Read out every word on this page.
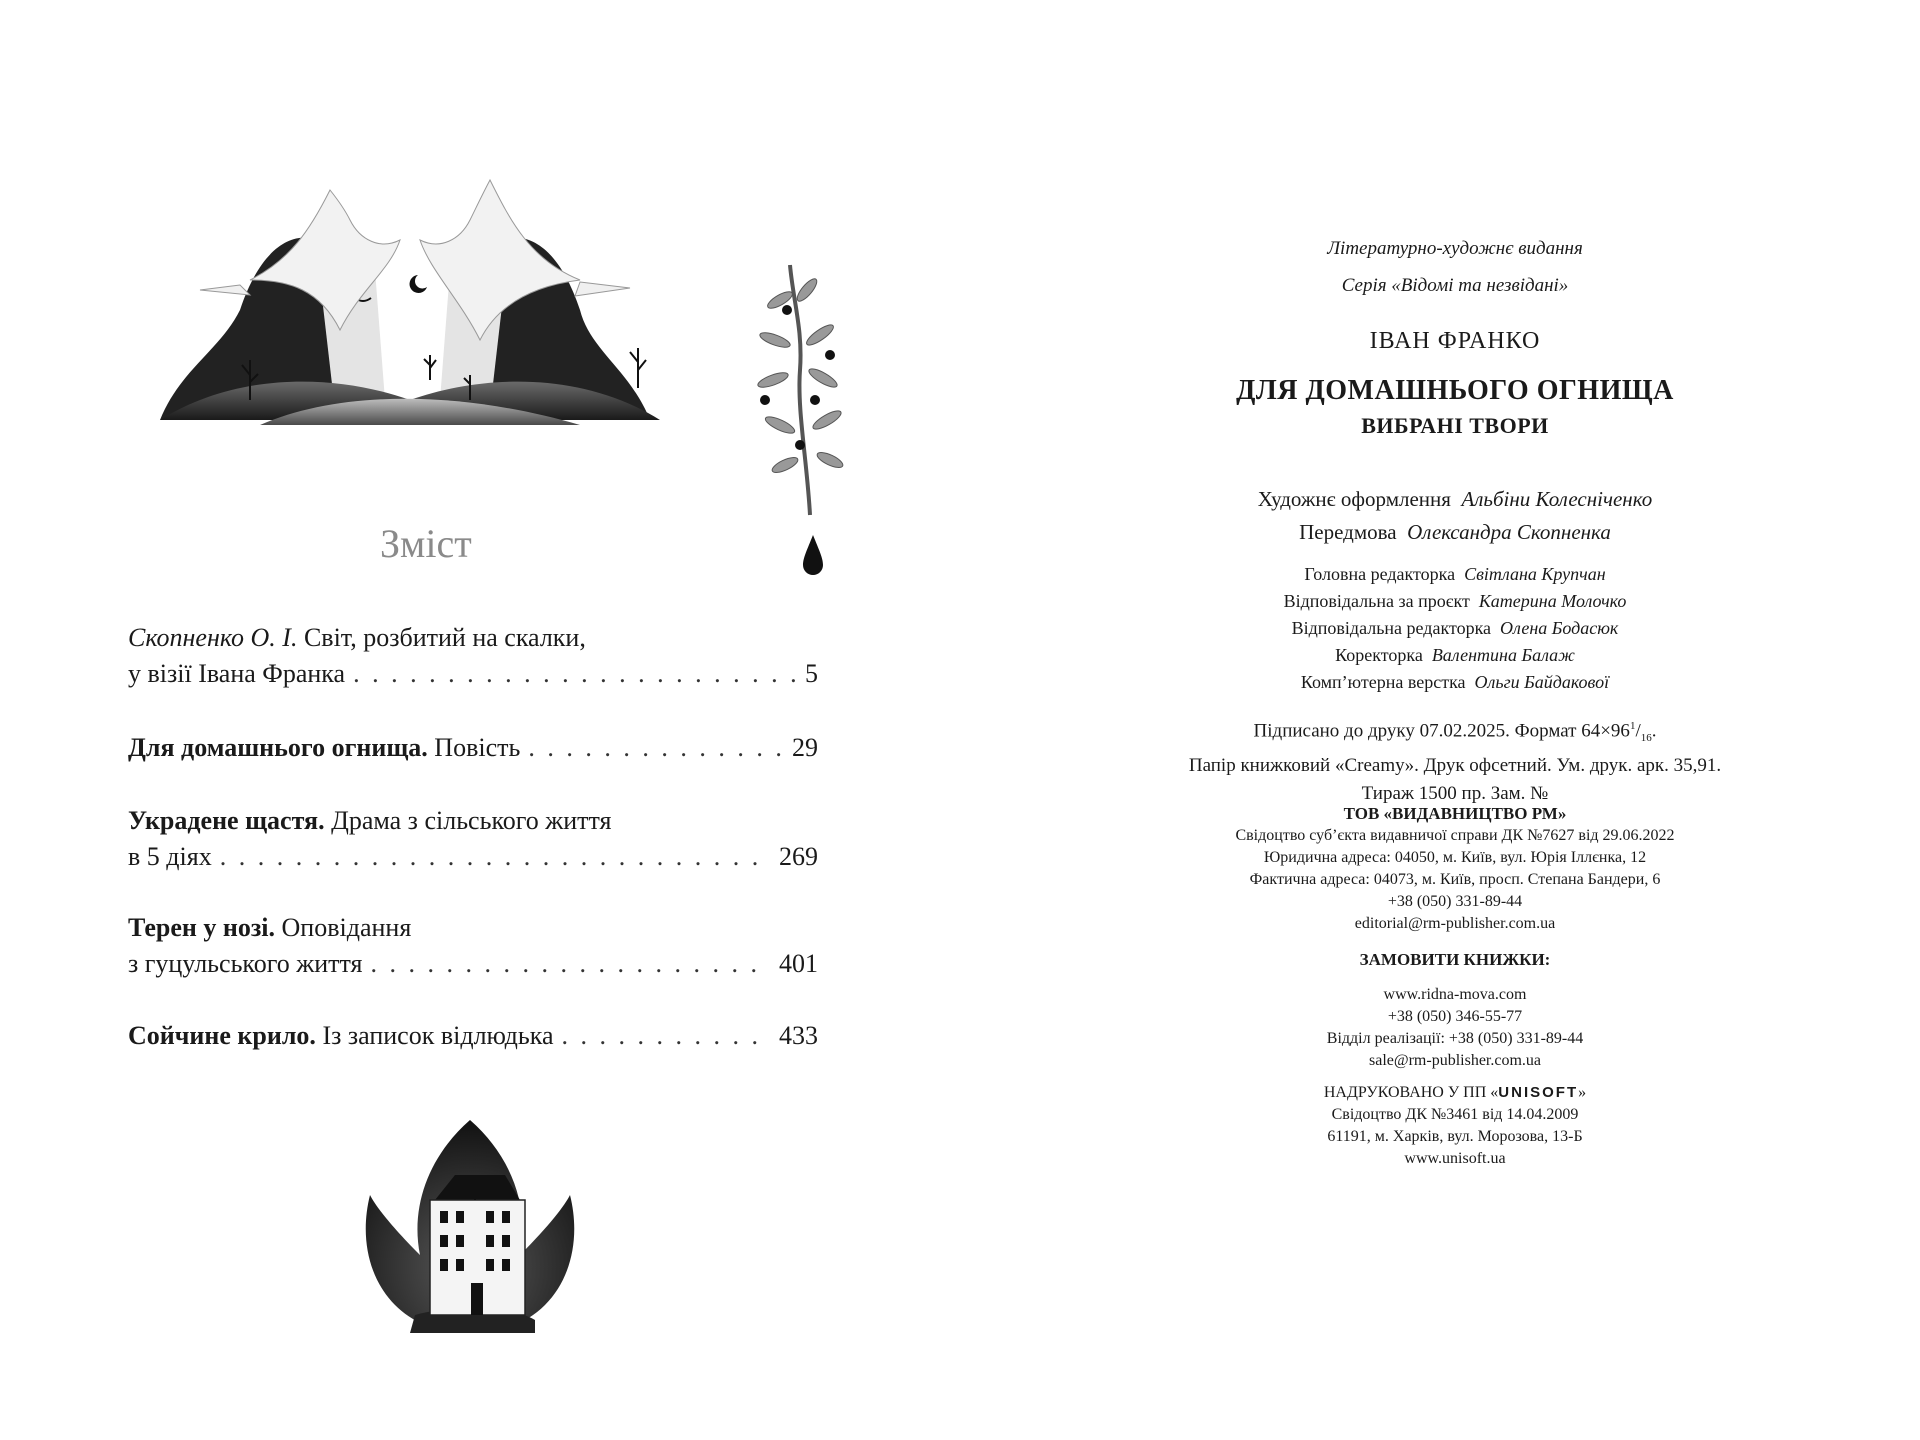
Зміст
Скопненко О. І. Світ, розбитий на скалки,
у візії Івана Франка . . .	5
Для домашнього огнища. Повість . . .	29
Украдене щастя. Драма з сільського життя
в 5 діях . . .	269
Терен у нозі. Оповідання
з гуцульського життя . . .	401
Сойчине крило. Із записок відлюдька . . .	433
Літературно-художнє видання
Серія «Відомі та незвідані»
ІВАН ФРАНКО
ДЛЯ ДОМАШНЬОГО ОГНИЩА
ВИБРАНІ ТВОРИ
Художнє оформлення Альбіни Колесніченко
Передмова Олександра Скопненка
Головна редакторка Світлана Крупчан
Відповідальна за проєкт Катерина Молочко
Відповідальна редакторка Олена Бодасюк
Коректорка Валентина Балаж
Комп’ютерна верстка Ольги Байдакової
Підписано до друку 07.02.2025. Формат $64\times 96^1/_{16}$.
Папір книжковий «Creamy». Друк офсетний. Ум. друк. арк. 35,91.
Тираж 1500 пр. Зам. №
ТОВ «ВИДАВНИЦТВО РМ»
Свідоцтво суб’єкта видавничої справи ДК №7627 від 29.06.2022
Юридична адреса: 04050, м. Київ, вул. Юрія Іллєнка, 12
Фактична адреса: 04073, м. Київ, просп. Степана Бандери, 6
+38 (050) 331-89-44
editorial@rm-publisher.com.ua
ЗАМОВИТИ КНИЖКИ:
www.ridna-mova.com
+38 (050) 346-55-77
Відділ реалізації: +38 (050) 331-89-44
sale@rm-publisher.com.ua
НАДРУКОВАНО У ПП «UNISOFT»
Свідоцтво ДК №3461 від 14.04.2009
61191, м. Харків, вул. Морозова, 13-Б
www.unisoft.ua
